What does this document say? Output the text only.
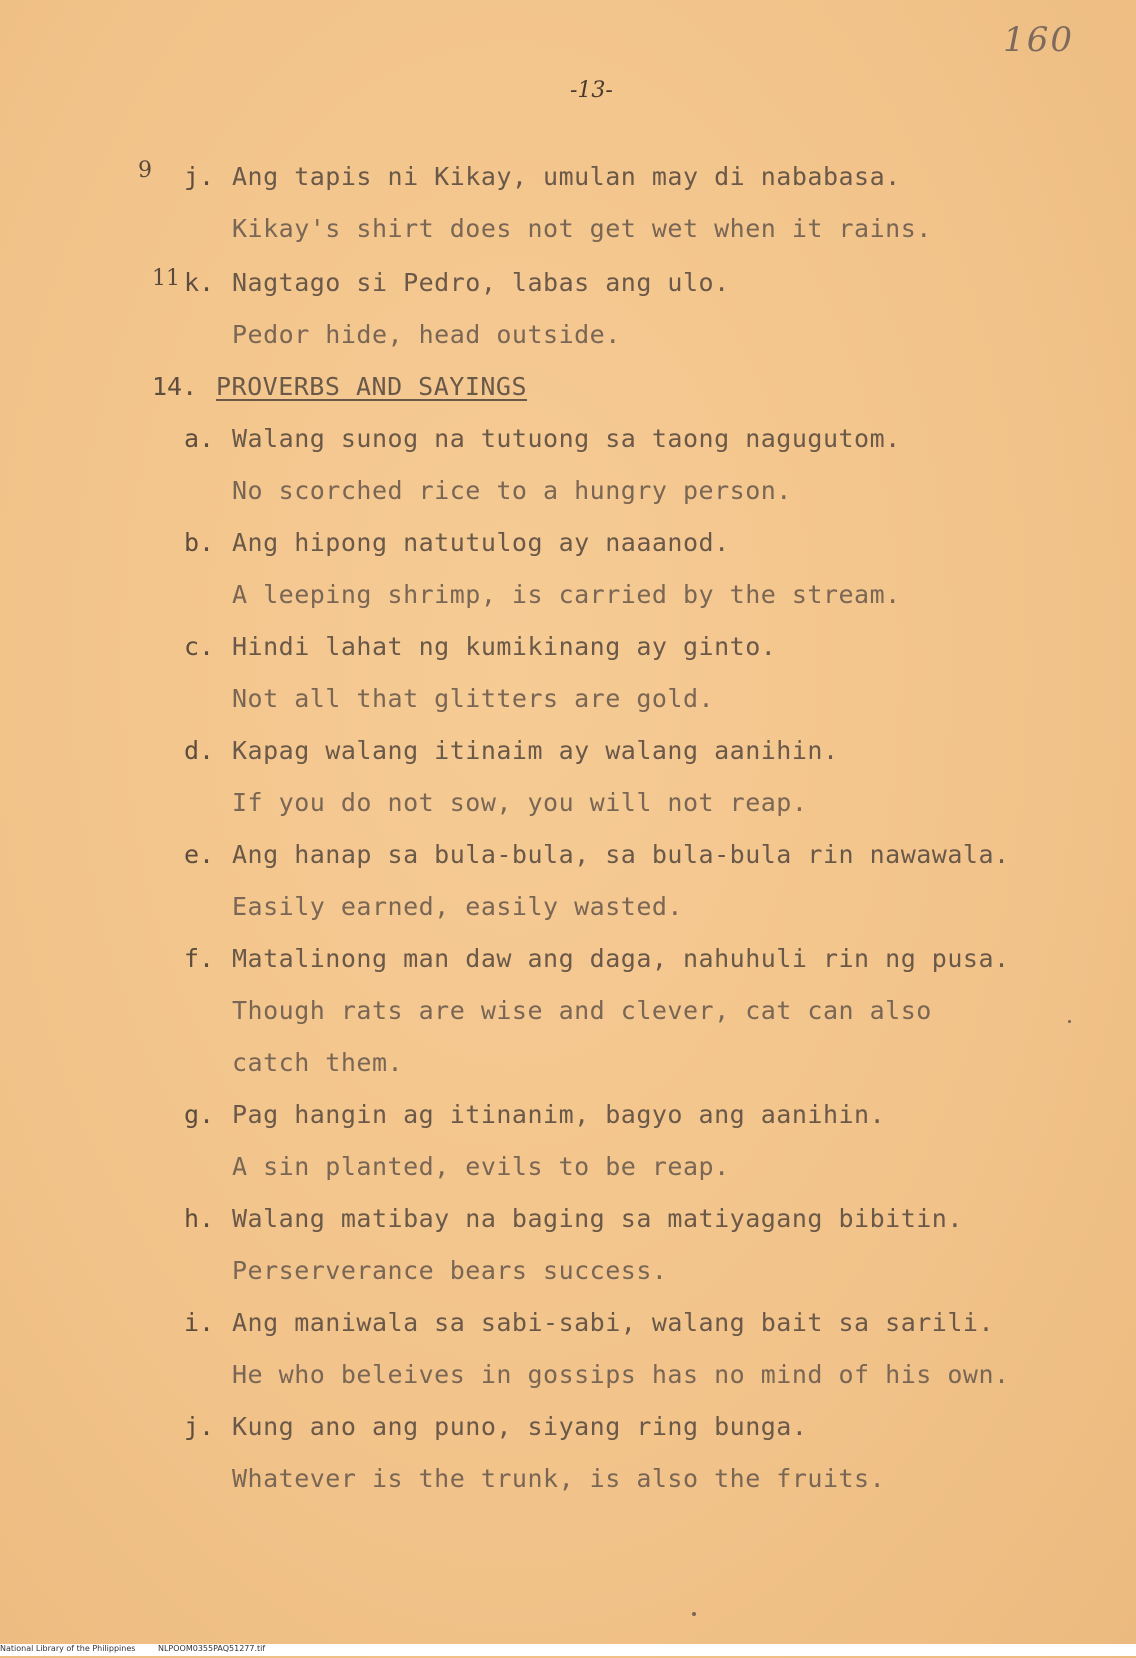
160
-13-
9 j. Ang tapis ni Kikay, umulan may di nababasa.
Kikay's shirt does not get wet when it rains.
11 k. Nagtago si Pedro, labas ang ulo.
Pedor hide, head outside.
14. PROVERBS AND SAYINGS
a. Walang sunog na tutuong sa taong nagugutom.
No scorched rice to a hungry person.
b. Ang hipong natutulog ay naaanod.
A leeping shrimp, is carried by the stream.
c. Hindi lahat ng kumikinang ay ginto.
Not all that glitters are gold.
d. Kapag walang itinaim ay walang aanihin.
If you do not sow, you will not reap.
e. Ang hanap sa bula-bula, sa bula-bula rin nawawala.
Easily earned, easily wasted.
f. Matalinong man daw ang daga, nahuhuli rin ng pusa.
Though rats are wise and clever, cat can also
catch them.
g. Pag hangin ag itinanim, bagyo ang aanihin.
A sin planted, evils to be reap.
h. Walang matibay na baging sa matiyagang bibitin.
Perserverance bears success.
i. Ang maniwala sa sabi-sabi, walang bait sa sarili.
He who beleives in gossips has no mind of his own.
j. Kung ano ang puno, siyang ring bunga.
Whatever is the trunk, is also the fruits.
National Library of the Philippines	NLPOOM0355PAQ51277.tif
